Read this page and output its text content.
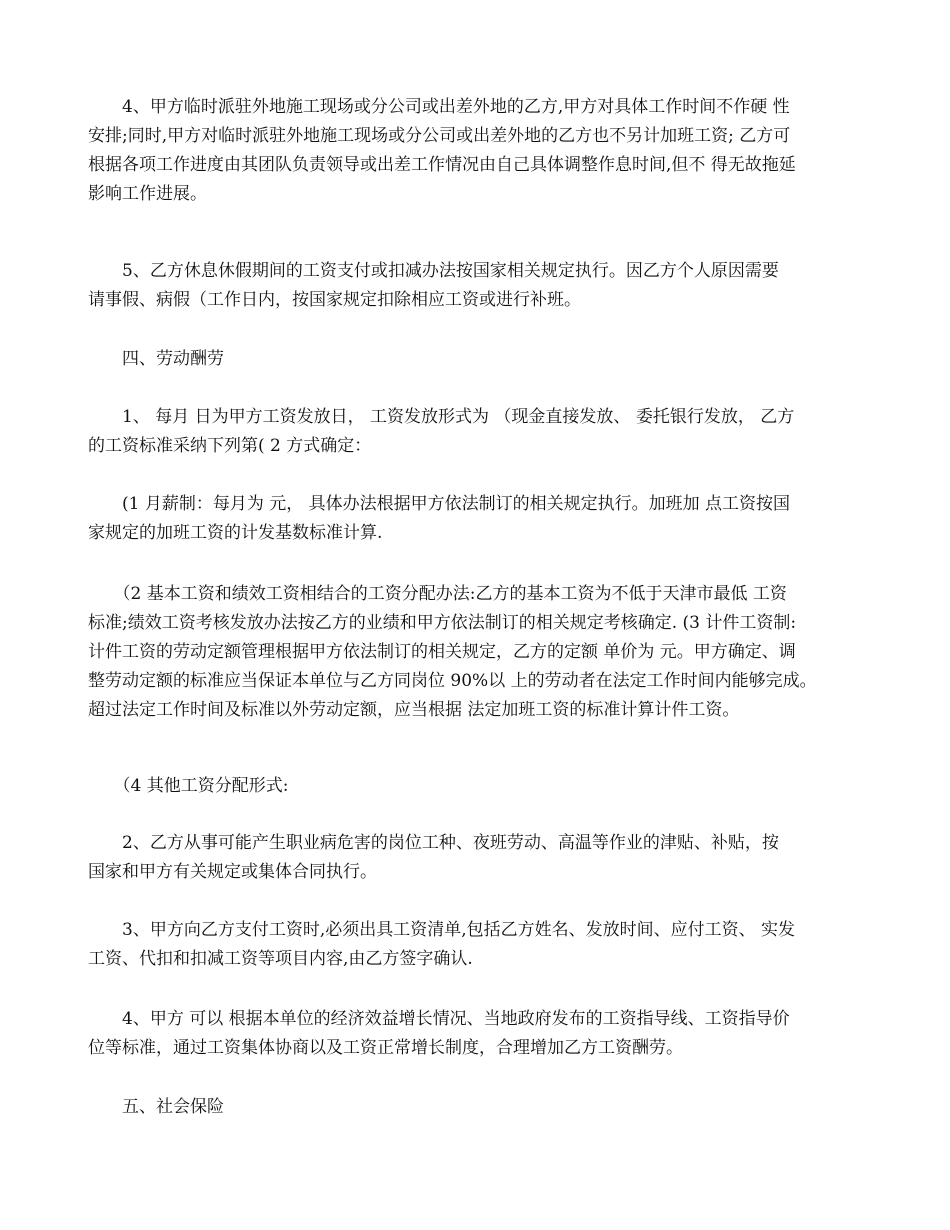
　　4、甲方临时派驻外地施工现场或分公司或出差外地的乙方,甲方对具体工作时间不作硬 性
安排;同时,甲方对临时派驻外地施工现场或分公司或出差外地的乙方也不另计加班工资; 乙方可
根据各项工作进度由其团队负责领导或出差工作情况由自己具体调整作息时间,但不 得无故拖延
影响工作进展。
　　5、乙方休息休假期间的工资支付或扣减办法按国家相关规定执行。因乙方个人原因需要
请事假、病假（工作日内，按国家规定扣除相应工资或进行补班。
　　四、劳动酬劳
　　1、 每月 日为甲方工资发放日， 工资发放形式为 （现金直接发放、 委托银行发放， 乙方
的工资标准采纳下列第( 2 方式确定：
　　(1 月薪制：每月为 元， 具体办法根据甲方依法制订的相关规定执行。加班加 点工资按国
家规定的加班工资的计发基数标准计算.
　　（2 基本工资和绩效工资相结合的工资分配办法:乙方的基本工资为不低于天津市最低 工资
标准;绩效工资考核发放办法按乙方的业绩和甲方依法制订的相关规定考核确定. (3 计件工资制:
计件工资的劳动定额管理根据甲方依法制订的相关规定，乙方的定额 单价为 元。甲方确定、调
整劳动定额的标准应当保证本单位与乙方同岗位 90%以 上的劳动者在法定工作时间内能够完成。
超过法定工作时间及标准以外劳动定额，应当根据 法定加班工资的标准计算计件工资。
　　（4 其他工资分配形式:
　　2、乙方从事可能产生职业病危害的岗位工种、夜班劳动、高温等作业的津贴、补贴，按
国家和甲方有关规定或集体合同执行。
　　3、甲方向乙方支付工资时,必须出具工资清单,包括乙方姓名、发放时间、应付工资、 实发
工资、代扣和扣减工资等项目内容,由乙方签字确认.
　　4、甲方 可以 根据本单位的经济效益增长情况、当地政府发布的工资指导线、工资指导价
位等标准，通过工资集体协商以及工资正常增长制度，合理增加乙方工资酬劳。
　　五、社会保险
